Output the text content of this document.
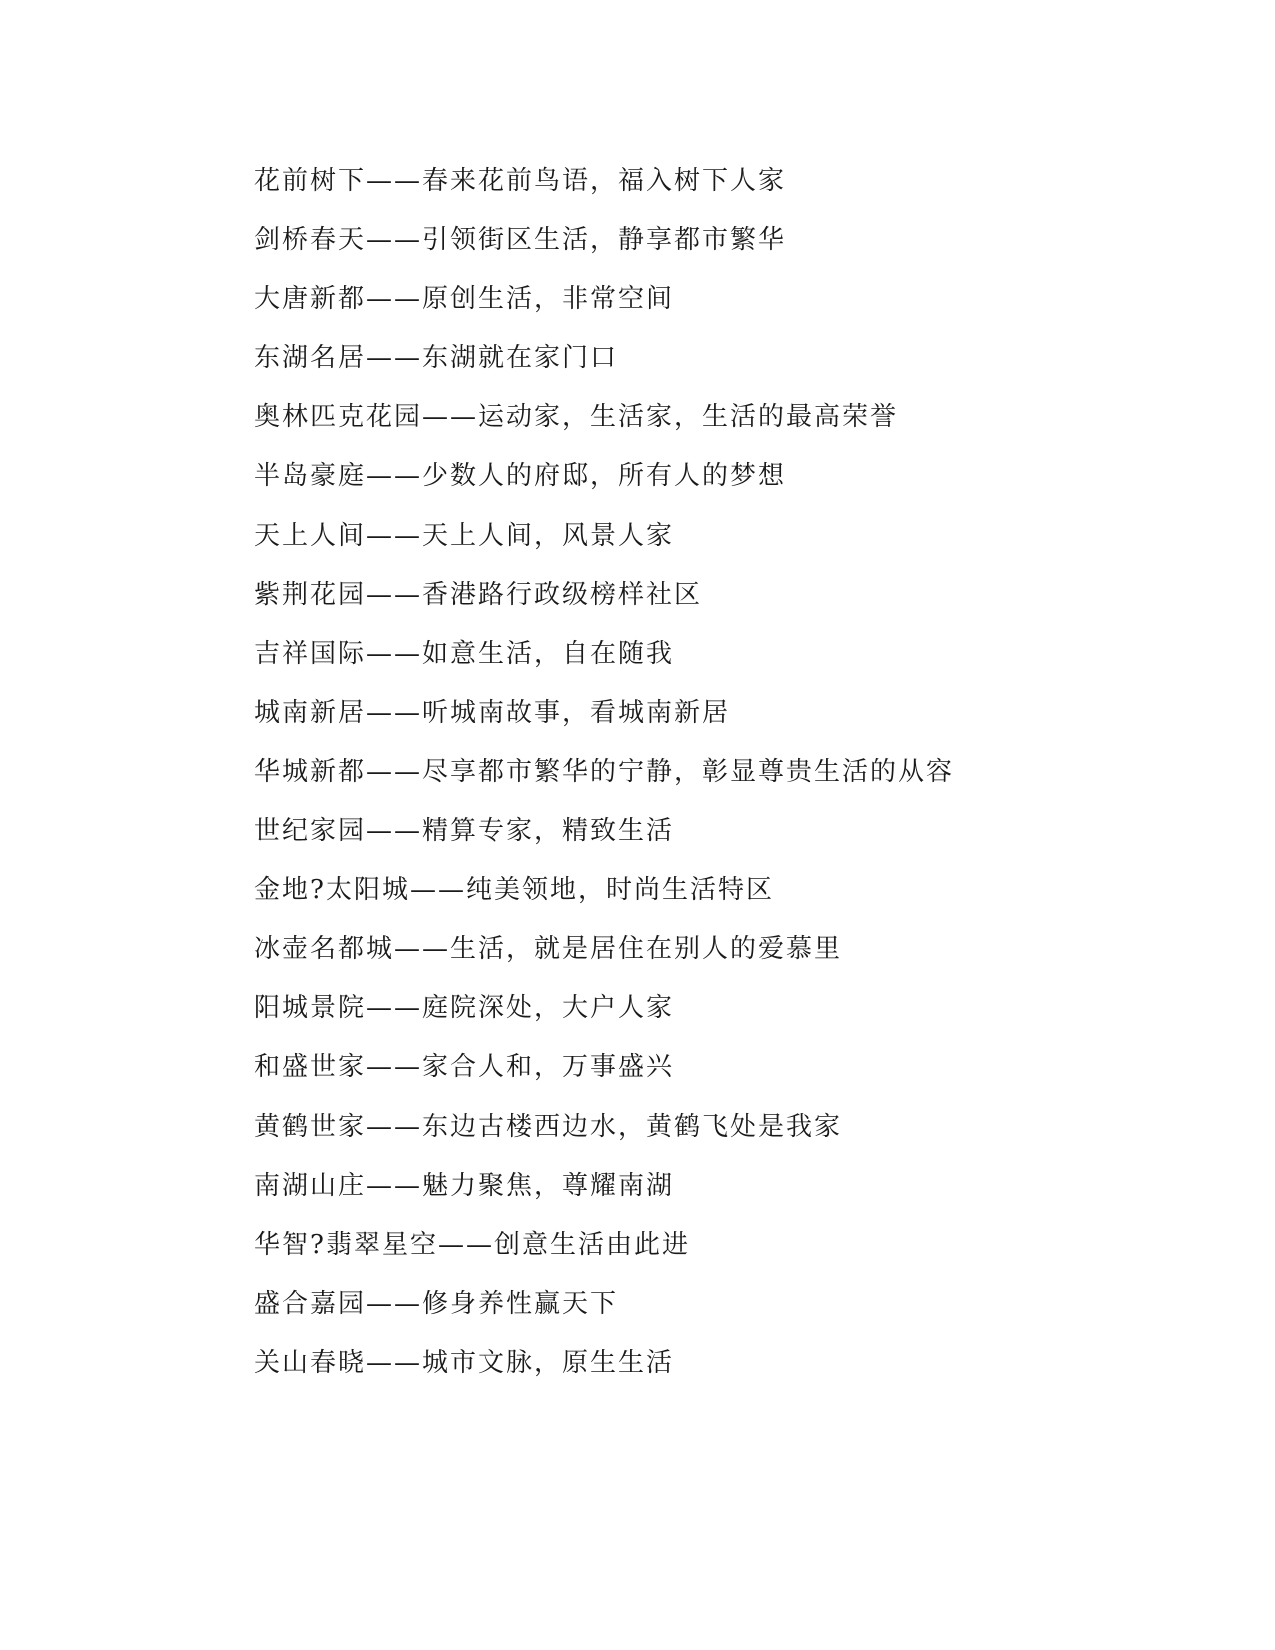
花前树下——春来花前鸟语，福入树下人家
剑桥春天——引领街区生活，静享都市繁华
大唐新都——原创生活，非常空间
东湖名居——东湖就在家门口
奥林匹克花园——运动家，生活家，生活的最高荣誉
半岛豪庭——少数人的府邸，所有人的梦想
天上人间——天上人间，风景人家
紫荆花园——香港路行政级榜样社区
吉祥国际——如意生活，自在随我
城南新居——听城南故事，看城南新居
华城新都——尽享都市繁华的宁静，彰显尊贵生活的从容
世纪家园——精算专家，精致生活
金地?太阳城——纯美领地，时尚生活特区
冰壶名都城——生活，就是居住在别人的爱慕里
阳城景院——庭院深处，大户人家
和盛世家——家合人和，万事盛兴
黄鹤世家——东边古楼西边水，黄鹤飞处是我家
南湖山庄——魅力聚焦，尊耀南湖
华智?翡翠星空——创意生活由此进
盛合嘉园——修身养性赢天下
关山春晓——城市文脉，原生生活
